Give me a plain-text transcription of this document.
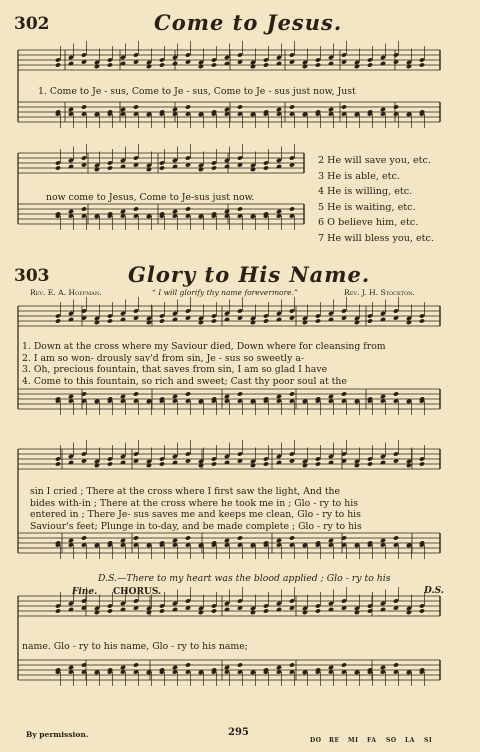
302	Come to Jesus.
1. Come to Je - sus, Come to Je - sus, Come to Je - sus just now, Just
now come to Jesus, Come to Je-sus just now.
2 He will save you, etc.
3 He is able, etc.
4 He is willing, etc.
5 He is waiting, etc.
6 O believe him, etc.
7 He will bless you, etc.
303	Glory to His Name.
Rev. E. A. Hoffman.	“ I will glorify thy name forevermore.”	Rev. J. H. Stockton.
1. Down at the cross where my Saviour died, Down where for cleansing from
2. I am so won- drously sav'd from sin, Je - sus so sweetly a-
3. Oh, precious fountain, that saves from sin, I am so glad I have
4. Come to this fountain, so rich and sweet; Cast thy poor soul at the
sin I cried ; There at the cross where I first saw the light, And the
bides with-in ; There at the cross where he took me in ; Glo - ry to his
entered in ; There Je- sus saves me and keeps me clean, Glo - ry to his
Saviour's feet; Plunge in to-day, and be made complete ; Glo - ry to his
D.S.—There to my heart was the blood applied ; Glo - ry to his
Fine. CHORUS.	D.S.
name. Glo - ry to his name, Glo - ry to his name;
By permission.	295
DO RE MI FA SO LA SI
